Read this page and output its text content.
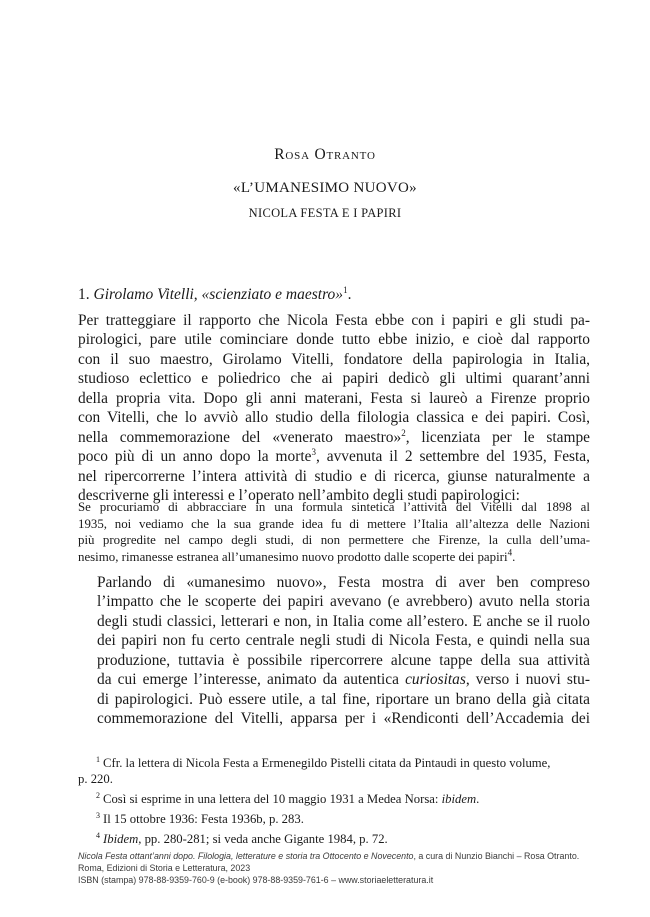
Rosa Otranto
«L’UMANESIMO NUOVO»
NICOLA FESTA E I PAPIRI
1. Girolamo Vitelli, «scienziato e maestro»$^1$.
Per tratteggiare il rapporto che Nicola Festa ebbe con i papiri e gli studi pa-
pirologici, pare utile cominciare donde tutto ebbe inizio, e cioè dal rapporto
con il suo maestro, Girolamo Vitelli, fondatore della papirologia in Italia,
studioso eclettico e poliedrico che ai papiri dedicò gli ultimi quarant’anni
della propria vita. Dopo gli anni materani, Festa si laureò a Firenze proprio
con Vitelli, che lo avviò allo studio della filologia classica e dei papiri. Così,
nella commemorazione del «venerato maestro»$^2$, licenziata per le stampe
poco più di un anno dopo la morte$^3$, avvenuta il 2 settembre del 1935, Festa,
nel ripercorrerne l’intera attività di studio e di ricerca, giunse naturalmente a
descriverne gli interessi e l’operato nell’ambito degli studi papirologici:
Se procuriamo di abbracciare in una formula sintetica l’attività del Vitelli dal 1898 al
1935, noi vediamo che la sua grande idea fu di mettere l’Italia all’altezza delle Nazioni
più progredite nel campo degli studi, di non permettere che Firenze, la culla dell’uma-
nesimo, rimanesse estranea all’umanesimo nuovo prodotto dalle scoperte dei papiri$^4$.
Parlando di «umanesimo nuovo», Festa mostra di aver ben compreso
l’impatto che le scoperte dei papiri avevano (e avrebbero) avuto nella storia
degli studi classici, letterari e non, in Italia come all’estero. E anche se il ruolo
dei papiri non fu certo centrale negli studi di Nicola Festa, e quindi nella sua
produzione, tuttavia è possibile ripercorrere alcune tappe della sua attività
da cui emerge l’interesse, animato da autentica curiositas, verso i nuovi stu-
di papirologici. Può essere utile, a tal fine, riportare un brano della già citata
commemorazione del Vitelli, apparsa per i «Rendiconti dell’Accademia dei

$^1$ Cfr. la lettera di Nicola Festa a Ermenegildo Pistelli citata da Pintaudi in questo volume,

p. 220.

$^2$ Così si esprime in una lettera del 10 maggio 1931 a Medea Norsa: ibidem.

$^3$ Il 15 ottobre 1936: Festa 1936b, p. 283.

$^4$ Ibidem, pp. 280-281; si veda anche Gigante 1984, p. 72.

Nicola Festa ottant’anni dopo. Filologia, letterature e storia tra Ottocento e Novecento, a cura di Nunzio Bianchi – Rosa Otranto.
Roma, Edizioni di Storia e Letteratura, 2023
ISBN (stampa) 978-88-9359-760-9 (e-book) 978-88-9359-761-6 – www.storiaeletteratura.it
